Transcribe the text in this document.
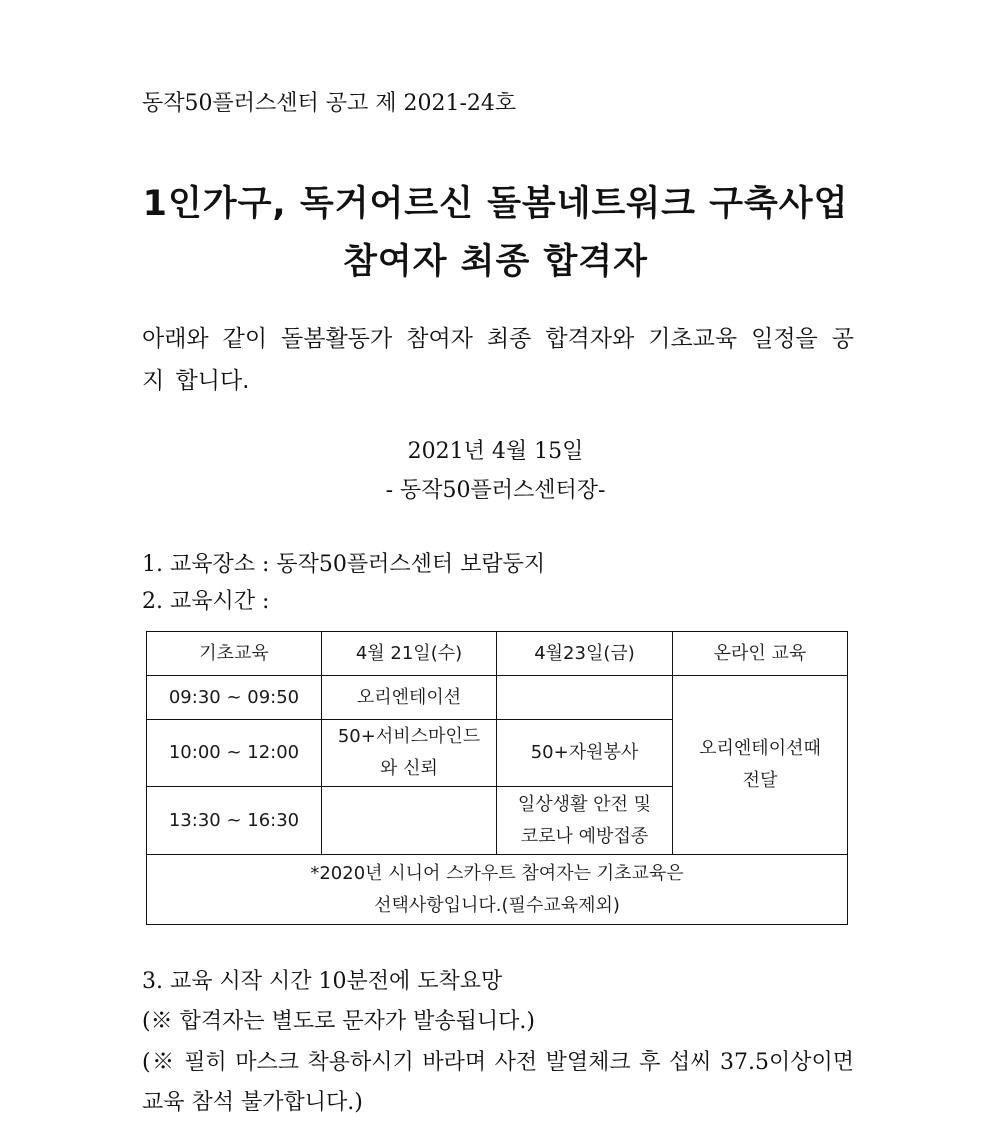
동작50플러스센터 공고 제 2021-24호
1인가구, 독거어르신 돌봄네트워크 구축사업
참여자 최종 합격자
아래와 같이 돌봄활동가 참여자 최종 합격자와 기초교육 일정을 공지 합니다.
2021년 4월 15일
- 동작50플러스센터장-
1. 교육장소 : 동작50플러스센터 보람둥지
2. 교육시간 :
기초교육	4월 21일(수)	4월23일(금)	온라인 교육
09:30 ~ 09:50	오리엔테이션		오리엔테이션때
전달

10:00 ~ 12:00	50+서비스마인드
와 신뢰	50+자원봉사	
13:30 ~ 16:30		일상생활 안전 및
코로나 예방접종	

*2020년 시니어 스카우트 참여자는 기초교육은
선택사항입니다.(필수교육제외)			
3. 교육 시작 시간 10분전에 도착요망
(※ 합격자는 별도로 문자가 발송됩니다.)
(※ 필히 마스크 착용하시기 바라며 사전 발열체크 후 섭씨 37.5이상이면 교육 참석 불가합니다.)
